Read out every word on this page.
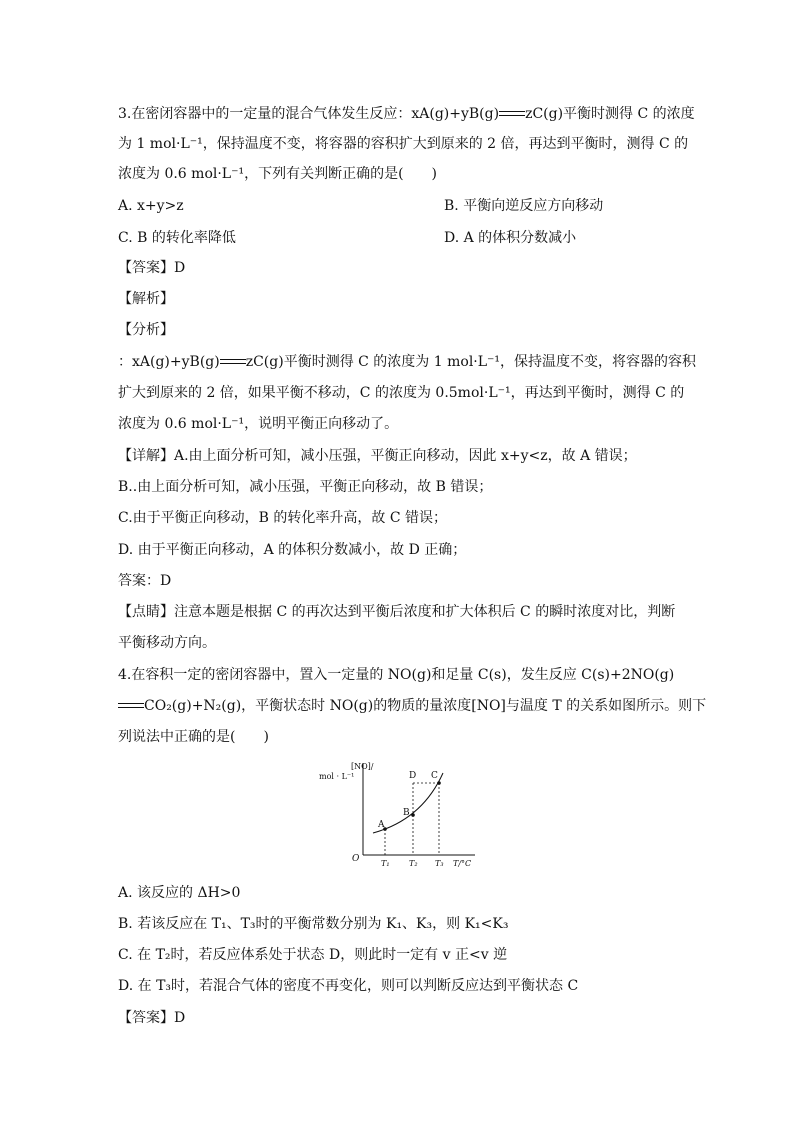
3.在密闭容器中的一定量的混合气体发生反应：xA(g)+yB(g) zC(g)平衡时测得 C 的浓度
为 1 mol·L⁻¹，保持温度不变，将容器的容积扩大到原来的 2 倍，再达到平衡时，测得 C 的
浓度为 0.6 mol·L⁻¹，下列有关判断正确的是(　　)
A. x+y>z	B. 平衡向逆反应方向移动
C. B 的转化率降低	D. A 的体积分数减小
【答案】D
【解析】
【分析】
：xA(g)+yB(g) zC(g)平衡时测得 C 的浓度为 1 mol·L⁻¹，保持温度不变，将容器的容积
扩大到原来的 2 倍，如果平衡不移动，C 的浓度为 0.5mol·L⁻¹，再达到平衡时，测得 C 的
浓度为 0.6 mol·L⁻¹，说明平衡正向移动了。
【详解】A.由上面分析可知，减小压强，平衡正向移动，因此 x+y<z，故 A 错误；
B..由上面分析可知，减小压强，平衡正向移动，故 B 错误；
C.由于平衡正向移动，B 的转化率升高，故 C 错误；
D. 由于平衡正向移动，A 的体积分数减小，故 D 正确；
答案：D
【点睛】注意本题是根据 C 的再次达到平衡后浓度和扩大体积后 C 的瞬时浓度对比，判断
平衡移动方向。
4.在容积一定的密闭容器中，置入一定量的 NO(g)和足量 C(s)，发生反应 C(s)+2NO(g)
CO₂(g)+N₂(g)，平衡状态时 NO(g)的物质的量浓度[NO]与温度 T 的关系如图所示。则下
列说法中正确的是(　　)
[NO]/
mol · L⁻¹
O	T₁ T₂ T₃ T/°C
A
B
C
D
A. 该反应的 ΔH>0
B. 若该反应在 T₁、T₃时的平衡常数分别为 K₁、K₃，则 K₁<K₃
C. 在 T₂时，若反应体系处于状态 D，则此时一定有 v 正<v 逆
D. 在 T₃时，若混合气体的密度不再变化，则可以判断反应达到平衡状态 C
【答案】D
